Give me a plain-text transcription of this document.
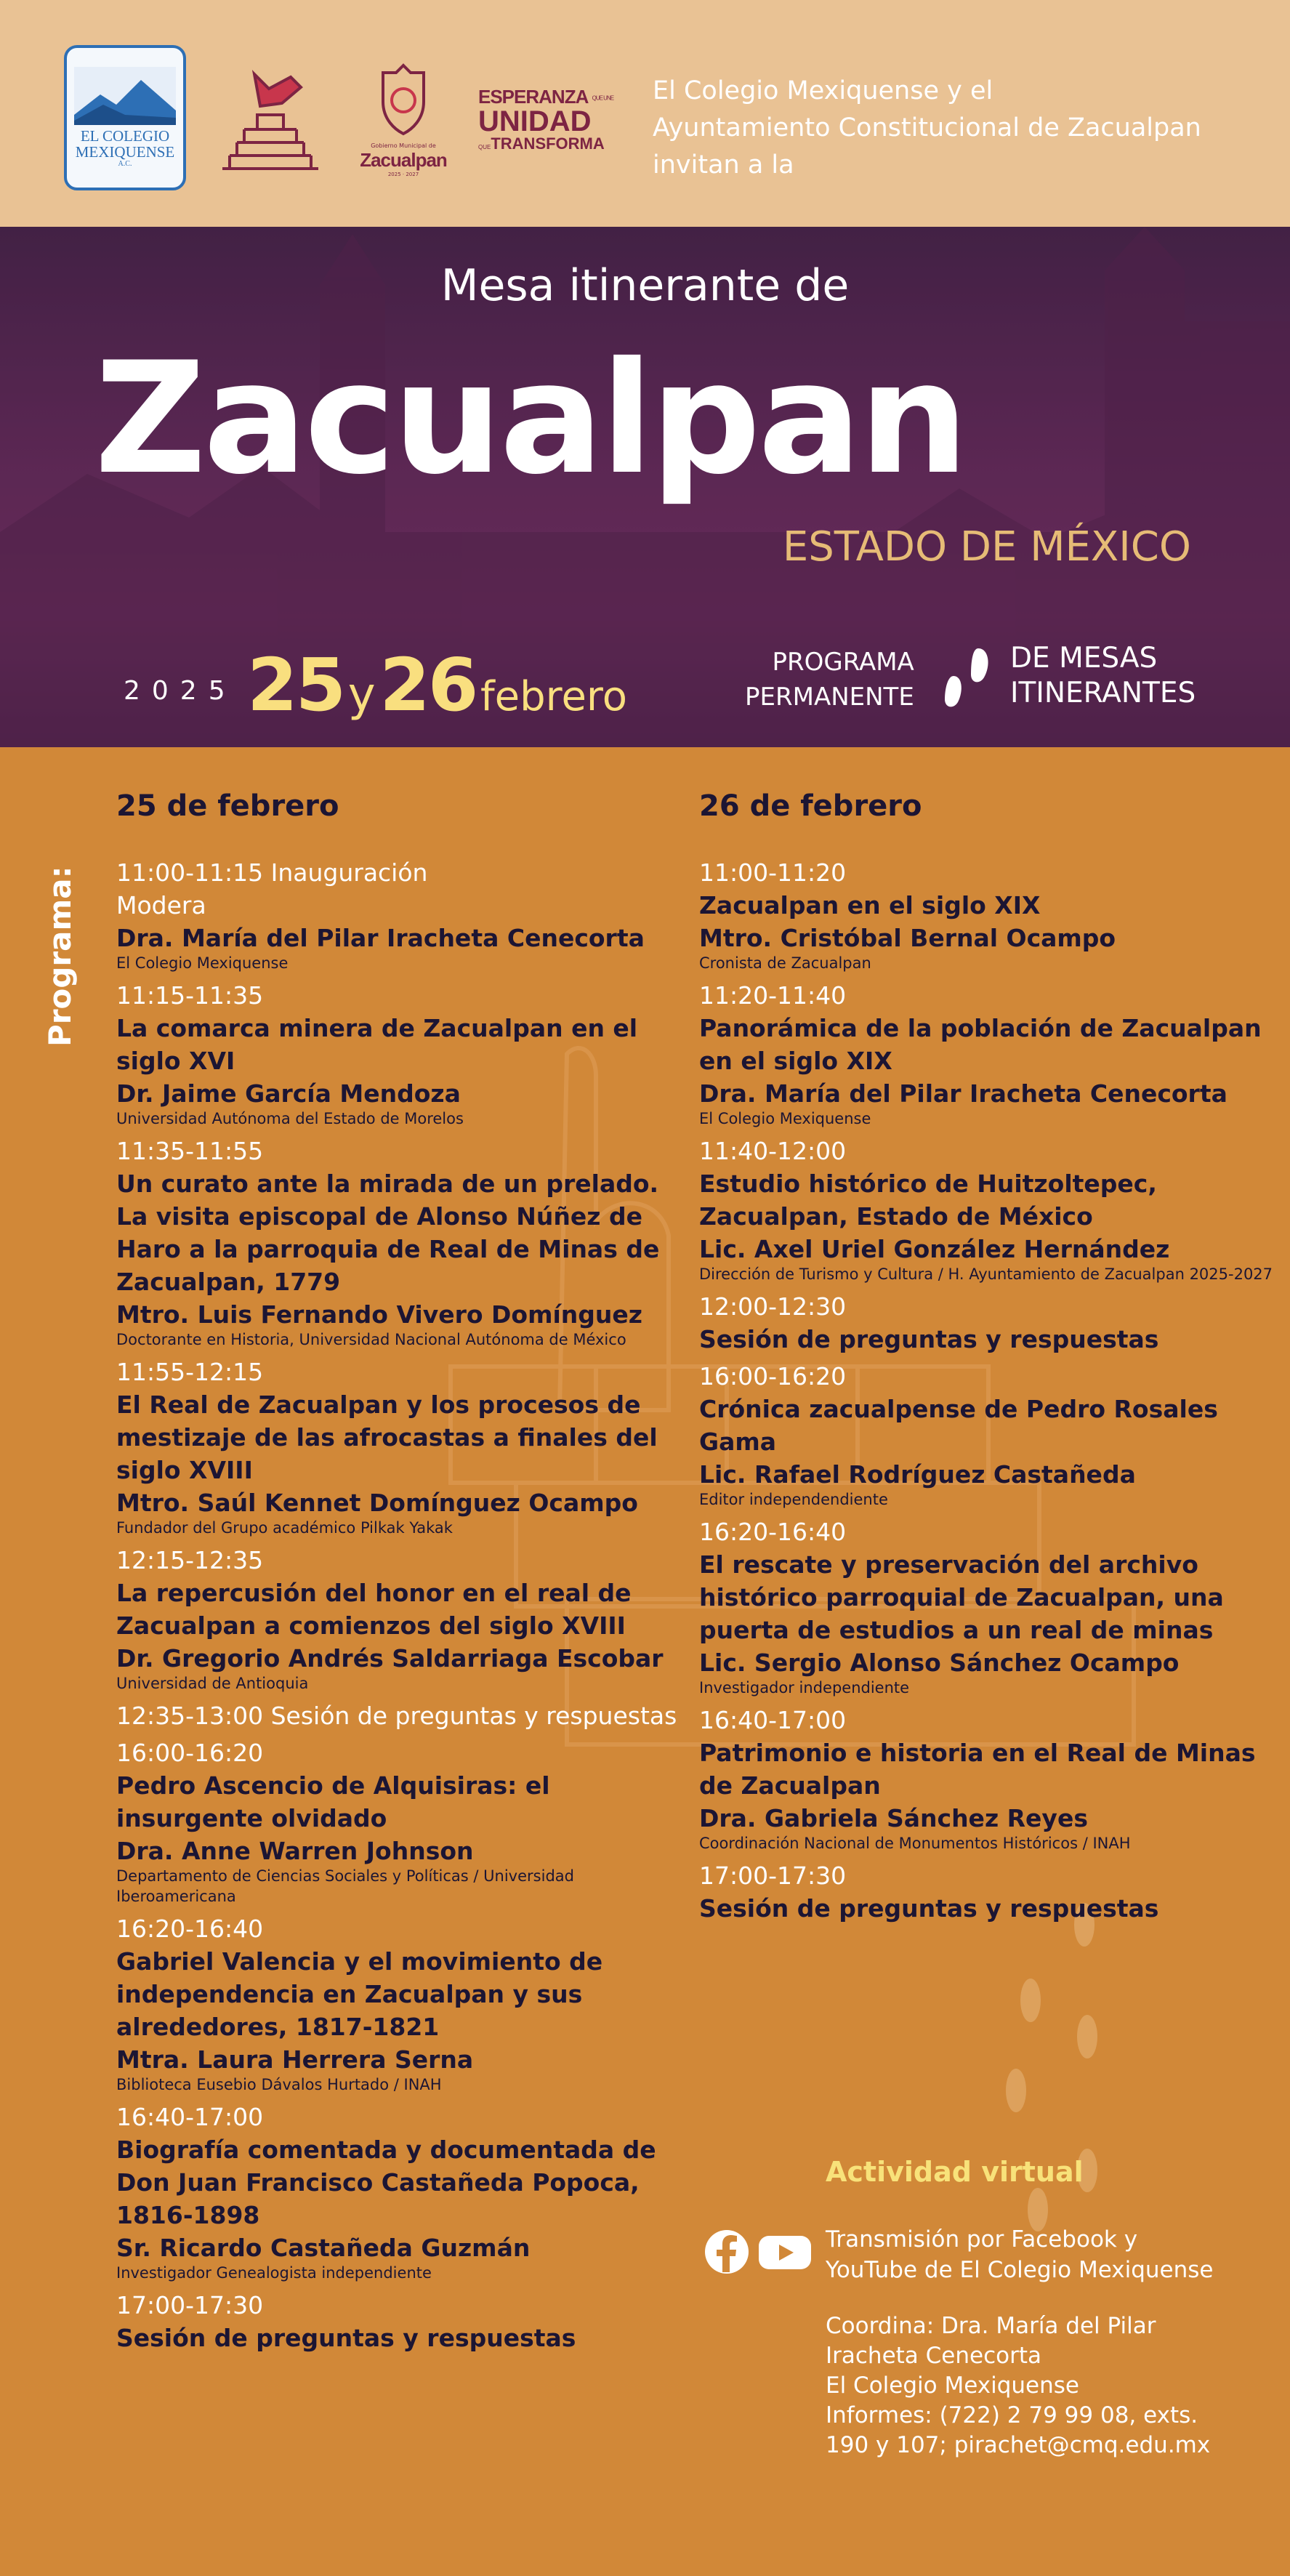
EL COLEGIO
MEXIQUENSE
A.C.
Gobierno Municipal de
Zacualpan
2025 · 2027
ESPERANZA QUE UNE
UNIDAD
QUETRANSFORMA
El Colegio Mexiquense y el
Ayuntamiento Constitucional de Zacualpan
invitan a la
Mesa itinerante de
Zacualpan
ESTADO DE MÉXICO
2025 25 y 26 febrero
PROGRAMA
PERMANENTE
DE MESAS
ITINERANTES
Programa:
25 de febrero
11:00-11:15 Inauguración
Modera
Dra. María del Pilar Iracheta Cenecorta
El Colegio Mexiquense
11:15-11:35
La comarca minera de Zacualpan en el siglo XVI
Dr. Jaime García Mendoza
Universidad Autónoma del Estado de Morelos
11:35-11:55
Un curato ante la mirada de un prelado. La visita episcopal de Alonso Núñez de Haro a la parroquia de Real de Minas de Zacualpan, 1779
Mtro. Luis Fernando Vivero Domínguez
Doctorante en Historia, Universidad Nacional Autónoma de México
11:55-12:15
El Real de Zacualpan y los procesos de mestizaje de las afrocastas a finales del siglo XVIII
Mtro. Saúl Kennet Domínguez Ocampo
Fundador del Grupo académico Pilkak Yakak
12:15-12:35
La repercusión del honor en el real de Zacualpan a comienzos del siglo XVIII
Dr. Gregorio Andrés Saldarriaga Escobar
Universidad de Antioquia
12:35-13:00 Sesión de preguntas y respuestas
16:00-16:20
Pedro Ascencio de Alquisiras: el insurgente olvidado
Dra. Anne Warren Johnson
Departamento de Ciencias Sociales y Políticas / Universidad Iberoamericana
16:20-16:40
Gabriel Valencia y el movimiento de independencia en Zacualpan y sus alrededores, 1817-1821
Mtra. Laura Herrera Serna
Biblioteca Eusebio Dávalos Hurtado / INAH
16:40-17:00
Biografía comentada y documentada de Don Juan Francisco Castañeda Popoca, 1816-1898
Sr. Ricardo Castañeda Guzmán
Investigador Genealogista independiente
17:00-17:30
Sesión de preguntas y respuestas
26 de febrero
11:00-11:20
Zacualpan en el siglo XIX
Mtro. Cristóbal Bernal Ocampo
Cronista de Zacualpan
11:20-11:40
Panorámica de la población de Zacualpan en el siglo XIX
Dra. María del Pilar Iracheta Cenecorta
El Colegio Mexiquense
11:40-12:00
Estudio histórico de Huitzoltepec, Zacualpan, Estado de México
Lic. Axel Uriel González Hernández
Dirección de Turismo y Cultura / H. Ayuntamiento de Zacualpan 2025-2027
12:00-12:30
Sesión de preguntas y respuestas
16:00-16:20
Crónica zacualpense de Pedro Rosales Gama
Lic. Rafael Rodríguez Castañeda
Editor independendiente
16:20-16:40
El rescate y preservación del archivo histórico parroquial de Zacualpan, una puerta de estudios a un real de minas
Lic. Sergio Alonso Sánchez Ocampo
Investigador independiente
16:40-17:00
Patrimonio e historia en el Real de Minas de Zacualpan
Dra. Gabriela Sánchez Reyes
Coordinación Nacional de Monumentos Históricos / INAH
17:00-17:30
Sesión de preguntas y respuestas
Actividad virtual
Transmisión por Facebook y
YouTube de El Colegio Mexiquense
Coordina: Dra. María del Pilar
Iracheta Cenecorta
El Colegio Mexiquense
Informes: (722) 2 79 99 08, exts.
190 y 107; pirachet@cmq.edu.mx
